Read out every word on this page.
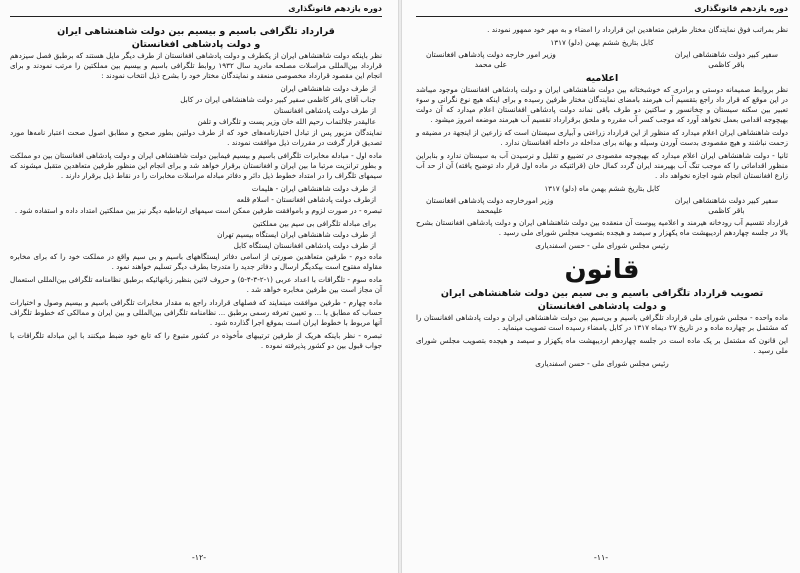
دوره یازدهم قانونگذاری
قرارداد تلگرافی باسیم و بیسیم بین دولت شاهنشاهی ایران
و دولت پادشاهی افغانستان

نظر باینکه دولت شاهنشاهی ایران از یکطرف و دولت پادشاهی افغانستان از طرف دیگر مایل هستند که برطبق فصل سیزدهم قرارداد بین‌المللی مراسلات مصلحه مادرید سال ۱۹۳۲ روابط تلگرافی باسیم و بیسیم بین مملکتین را مرتب نمودند و برای انجام این مقصود قرارداد مخصوصی منعقد و نمایندگان مختار خود را بشرح ذیل انتخاب نمودند :

از طرف دولت شاهنشاهی ایران
جناب آقای باقر کاظمی سفیر کبیر دولت شاهنشاهی ایران در کابل
از طرف دولت پادشاهی افغانستان
عالیقدر جلالتماب رحیم الله خان وزیر پست و تلگراف و تلفن

نمایندگان مزبور پس از تبادل اختیارنامه‌های خود که از طرف دولتین بطور صحیح و مطابق اصول صحت اعتبار نامه‌ها مورد تصدیق قرار گرفت در مقررات ذیل موافقت نمودند .

ماده اول - مبادله مخابرات تلگرافی باسیم و بیسیم فیمابین دولت شاهنشاهی ایران و دولت پادشاهی افغانستان بین دو مملکت و بطور ترانزیت مرتبا ما بین ایران و افغانستان برقرار خواهد شد و برای انجام این منظور طرفین متعاهدین متقبل میشوند که سیمهای تلگراف را در امتداد خطوط ذیل دائر و دفاتر مبادله مراسلات مخابرات را در نقاط ذیل برقرار دارند .

از طرف دولت شاهنشاهی ایران - هلیمات
ازطرف دولت پادشاهی افغانستان - اسلام قلعه

تبصره - در صورت لزوم و باموافقت طرفین ممکن است سیمهای ارتباطیه دیگر نیز بین مملکتین امتداد داده و استفاده شود .

برای مبادله تلگرافی بی سیم بین مملکتین
از طرف دولت شاهنشاهی ایران ایستگاه بیسیم تهران
از طرف دولت پادشاهی افغانستان ایستگاه کابل

ماده دوم - طرفین متعاهدین صورتی از اسامی دفاتر ایستگاههای باسیم و بی سیم واقع در مملکت خود را که برای مخابره مقاوله مفتوح است بیکدیگر ارسال و دفاتر جدید را متدرجا بطرف دیگر تسلیم خواهند نمود .

ماده سوم - تلگرافات با اعداد عربی (۱-۲-۳-۴-۵) و حروف لاتین بنظیر زبانهائیکه برطبق نظامنامه تلگرافی بین‌المللی استعمال آن مجاز است بین طرفین مخابره خواهد شد .

ماده چهارم - طرفین موافقت مینمایند که فصلهای قرارداد راجع به مقدار مخابرات تلگرافی باسیم و بیسیم وصول و اختیارات حساب که مطابق با ... و تعیین تعرفه رسمی برطبق ... نظامنامه تلگرافی بین‌المللی و بین ایران و ممالکی که خطوط تلگراف آنها مربوط با خطوط ایران است بموقع اجرا گذارده شود .

تبصره - نظر باینکه هریک از طرفین ترتیبهای مأخوذه در کشور متبوع را که تابع خود ضبط میکنند با این مبادله تلگرافات با جواب قبول بین دو کشور پذیرفته نموده .

-۱۲-
دوره یازدهم قانونگذاری

نظر بمراتب فوق نمایندگان مختار طرفین متعاهدین این قرارداد را امضاء و به مهر خود ممهور نمودند .

کابل بتاریخ ششم بهمن (دلو) ۱۳۱۷
سفیر کبیر دولت شاهنشاهی ایران
باقر کاظمی
وزیر امور خارجه دولت پادشاهی افغانستان
علی محمد
اعلامیه

نظر بروابط صمیمانه دوستی و برادری که خوشبختانه بین دولت شاهنشاهی ایران و دولت پادشاهی افغانستان موجود میباشد در این موقع که قرار داد راجع بتقسیم آب هیرمند بامضای نمایندگان مختار طرفین رسیده و برای اینکه هیچ نوع نگرانی و سوء تعبیر بین سکنه سیستان و چخانسور و ساکنین دو طرف باقی نماند دولت پادشاهی افغانستان اعلام میدارد که آن دولت بهیچوجه اقدامی بعمل نخواهد آورد که موجب کسر آب مقرره و ملحق برقرارداد تقسیم آب هیرمند موضعه امروز میشود .

دولت شاهنشاهی ایران اعلام میدارد که منظور از این قرارداد زراعتی و آبیاری سیستان است که زارعین از اینجهة در مضیقه و زحمت نباشند و هیچ مقصودی بدست آوردن وسیله و بهانه برای مداخله در داخله افغانستان ندارد .

ثانیا - دولت شاهنشاهی ایران اعلام میدارد که بهیچوجه مقصودی در تضییع و تقلیل و نرسیدن آب به سیستان ندارد و بنابراین منظور اقداماتی را که موجب تنگ آب بهیرمند ایران گردد کمال خان (قرائتیکه در ماده اول قرار داد توضیح یافته) آن از حد آب زارع افغانستان انجام شود اجازه نخواهد داد .

کابل بتاریخ ششم بهمن ماه (دلو) ۱۳۱۷
سفیر کبیر دولت شاهنشاهی ایران
باقر کاظمی
وزیر امورخارجه دولت پادشاهی افغانستان
علیمحمد

قرارداد تقسیم آب رودخانه هیرمند و اعلامیه پیوست آن منعقده بین دولت شاهنشاهی ایران و دولت پادشاهی افغانستان بشرح بالا در جلسه چهاردهم اردیبهشت ماه یکهزار و سیصد و هیجده بتصویب مجلس شورای ملی رسید .

رئیس مجلس شورای ملی - حسن اسفندیاری
قانون
تصویب قرارداد تلگرافی باسیم و بی سیم بین دولت شاهنشاهی ایران
و دولت پادشاهی افغانستان

ماده واحده - مجلس شورای ملی قرارداد تلگرافی باسیم و بی‌سیم بین دولت شاهنشاهی ایران و دولت پادشاهی افغانستان را که مشتمل بر چهارده ماده و در تاریخ ۲۷ دیماه ۱۳۱۷ در کابل بامضاء رسیده است تصویب مینماید .

این قانون که مشتمل بر یک ماده است در جلسه چهاردهم اردیبهشت ماه یکهزار و سیصد و هیجده بتصویب مجلس شورای ملی رسید .

رئیس مجلس شورای ملی - حسن اسفندیاری
-۱۱-
